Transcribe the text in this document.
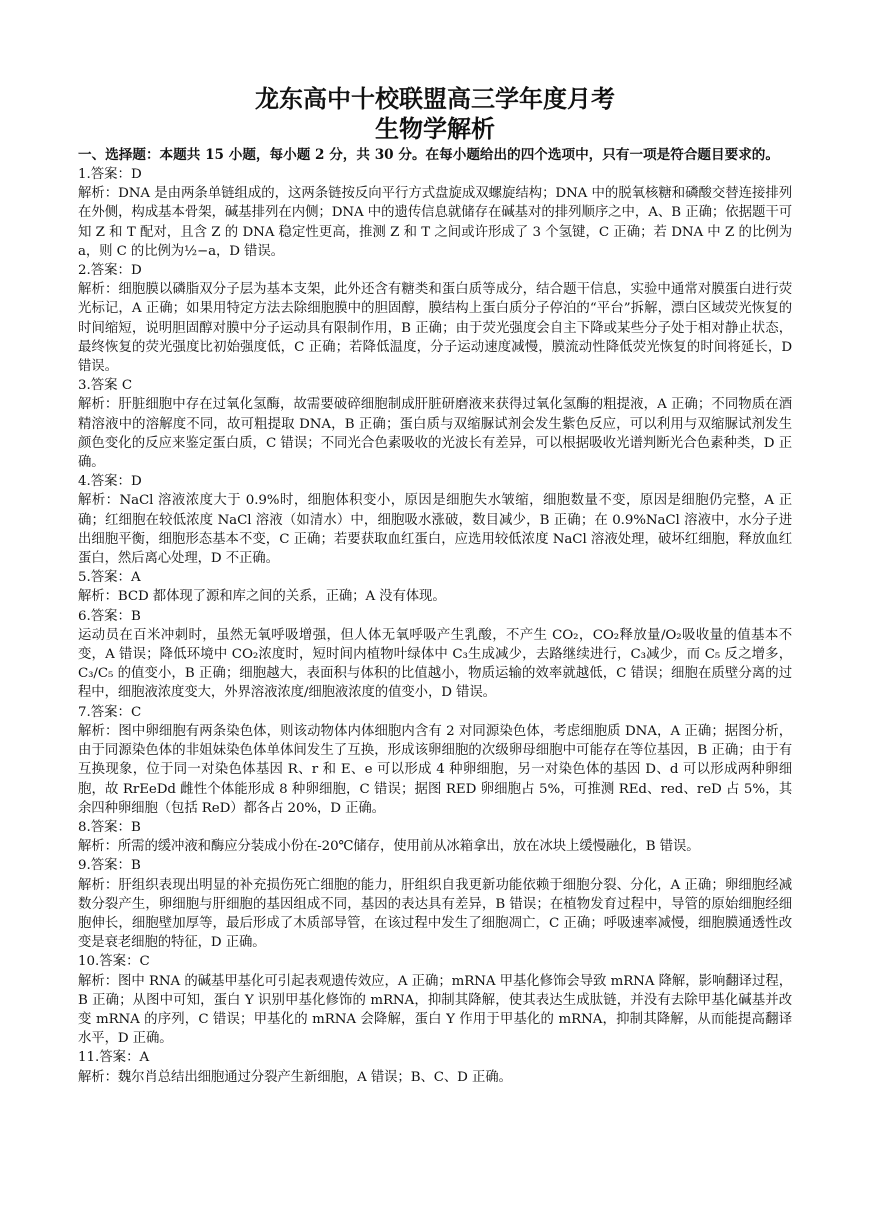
龙东高中十校联盟高三学年度月考
生物学解析

一、选择题：本题共 15 小题，每小题 2 分，共 30 分。在每小题给出的四个选项中，只有一项是符合题目要求的。

1.答案：D

解析：DNA 是由两条单链组成的，这两条链按反向平行方式盘旋成双螺旋结构；DNA 中的脱氧核糖和磷酸交替连接排列在外侧，构成基本骨架，碱基排列在内侧；DNA 中的遗传信息就储存在碱基对的排列顺序之中，A、B 正确；依据题干可知 Z 和 T 配对，且含 Z 的 DNA 稳定性更高，推测 Z 和 T 之间或许形成了 3 个氢键，C 正确；若 DNA 中 Z 的比例为 a，则 C 的比例为½−a，D 错误。

2.答案：D

解析：细胞膜以磷脂双分子层为基本支架，此外还含有糖类和蛋白质等成分，结合题干信息，实验中通常对膜蛋白进行荧光标记，A 正确；如果用特定方法去除细胞膜中的胆固醇，膜结构上蛋白质分子停泊的“平台”拆解，漂白区域荧光恢复的时间缩短，说明胆固醇对膜中分子运动具有限制作用，B 正确；由于荧光强度会自主下降或某些分子处于相对静止状态，最终恢复的荧光强度比初始强度低，C 正确；若降低温度，分子运动速度减慢，膜流动性降低荧光恢复的时间将延长，D 错误。

3.答案 C

解析：肝脏细胞中存在过氧化氢酶，故需要破碎细胞制成肝脏研磨液来获得过氧化氢酶的粗提液，A 正确；不同物质在酒精溶液中的溶解度不同，故可粗提取 DNA，B 正确；蛋白质与双缩脲试剂会发生紫色反应，可以利用与双缩脲试剂发生颜色变化的反应来鉴定蛋白质，C 错误；不同光合色素吸收的光波长有差异，可以根据吸收光谱判断光合色素种类，D 正确。

4.答案：D

解析：NaCl 溶液浓度大于 0.9%时，细胞体积变小，原因是细胞失水皱缩，细胞数量不变，原因是细胞仍完整，A 正确；红细胞在较低浓度 NaCl 溶液（如清水）中，细胞吸水涨破，数目减少，B 正确；在 0.9%NaCl 溶液中，水分子进出细胞平衡，细胞形态基本不变，C 正确；若要获取血红蛋白，应选用较低浓度 NaCl 溶液处理，破坏红细胞，释放血红蛋白，然后离心处理，D 不正确。

5.答案：A

解析：BCD 都体现了源和库之间的关系，正确；A 没有体现。

6.答案：B

运动员在百米冲刺时，虽然无氧呼吸增强，但人体无氧呼吸产生乳酸，不产生 CO₂，CO₂释放量/O₂吸收量的值基本不变，A 错误；降低环境中 CO₂浓度时，短时间内植物叶绿体中 C₃生成减少，去路继续进行，C₃减少，而 C₅ 反之增多， C₃/C₅ 的值变小，B 正确；细胞越大，表面积与体积的比值越小，物质运输的效率就越低，C 错误；细胞在质壁分离的过程中，细胞液浓度变大，外界溶液浓度/细胞液浓度的值变小，D 错误。

7.答案：C

解析：图中卵细胞有两条染色体，则该动物体内体细胞内含有 2 对同源染色体，考虑细胞质 DNA，A 正确；据图分析，由于同源染色体的非姐妹染色体单体间发生了互换，形成该卵细胞的次级卵母细胞中可能存在等位基因，B 正确；由于有互换现象，位于同一对染色体基因 R、r 和 E、e 可以形成 4 种卵细胞，另一对染色体的基因 D、d 可以形成两种卵细胞，故 RrEeDd 雌性个体能形成 8 种卵细胞，C 错误；据图 RED 卵细胞占 5%，可推测 REd、red、reD 占 5%，其余四种卵细胞（包括 ReD）都各占 20%，D 正确。

8.答案：B

解析：所需的缓冲液和酶应分装成小份在-20℃储存，使用前从冰箱拿出，放在冰块上缓慢融化，B 错误。

9.答案：B

解析：肝组织表现出明显的补充损伤死亡细胞的能力，肝组织自我更新功能依赖于细胞分裂、分化，A 正确；卵细胞经减数分裂产生，卵细胞与肝细胞的基因组成不同，基因的表达具有差异，B 错误；在植物发育过程中，导管的原始细胞经细胞伸长，细胞壁加厚等，最后形成了木质部导管，在该过程中发生了细胞凋亡，C 正确；呼吸速率减慢，细胞膜通透性改变是衰老细胞的特征，D 正确。

10.答案：C

解析：图中 RNA 的碱基甲基化可引起表观遗传效应，A 正确；mRNA 甲基化修饰会导致 mRNA 降解，影响翻译过程，B 正确；从图中可知，蛋白 Y 识别甲基化修饰的 mRNA，抑制其降解，使其表达生成肽链，并没有去除甲基化碱基并改变 mRNA 的序列，C 错误；甲基化的 mRNA 会降解，蛋白 Y 作用于甲基化的 mRNA，抑制其降解，从而能提高翻译水平，D 正确。

11.答案：A

解析：魏尔肖总结出细胞通过分裂产生新细胞，A 错误；B、C、D 正确。
